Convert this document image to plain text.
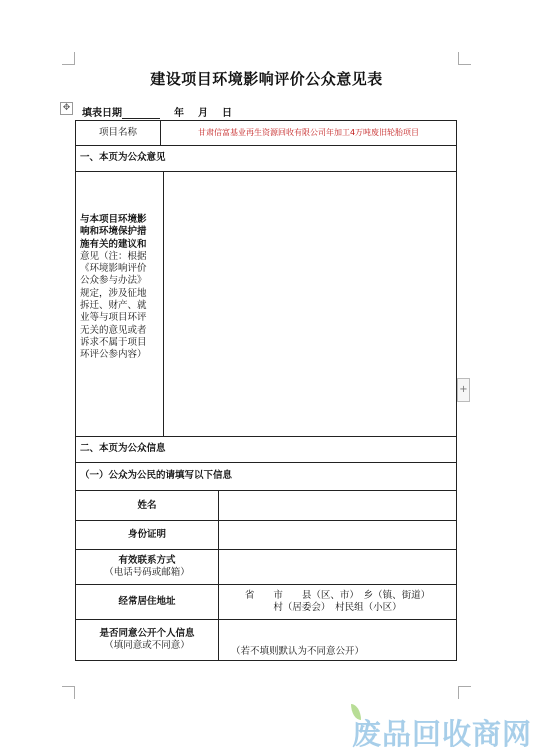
建设项目环境影响评价公众意见表
✥ 填表日期	年 月 日
项目名称	甘肃信富基业再生资源回收有限公司年加工4万吨废旧轮胎项目
一、本页为公众意见
与本项目环境影
响和环境保护措
施有关的建议和
意见（注：根据
《环境影响评价
公众参与办法》
规定，涉及征地
拆迁、财产、就
业等与项目环评
无关的意见或者
诉求不属于项目
环评公参内容）
二、本页为公众信息
（一）公众为公民的请填写以下信息
姓名
身份证明
有效联系方式
（电话号码或邮箱）
经常居住地址
省　　市　　县（区、市）　乡（镇、街道）
村（居委会）　村民组（小区）
是否同意公开个人信息
（填同意或不同意）
（若不填则默认为不同意公开）
+
废品回收商网
